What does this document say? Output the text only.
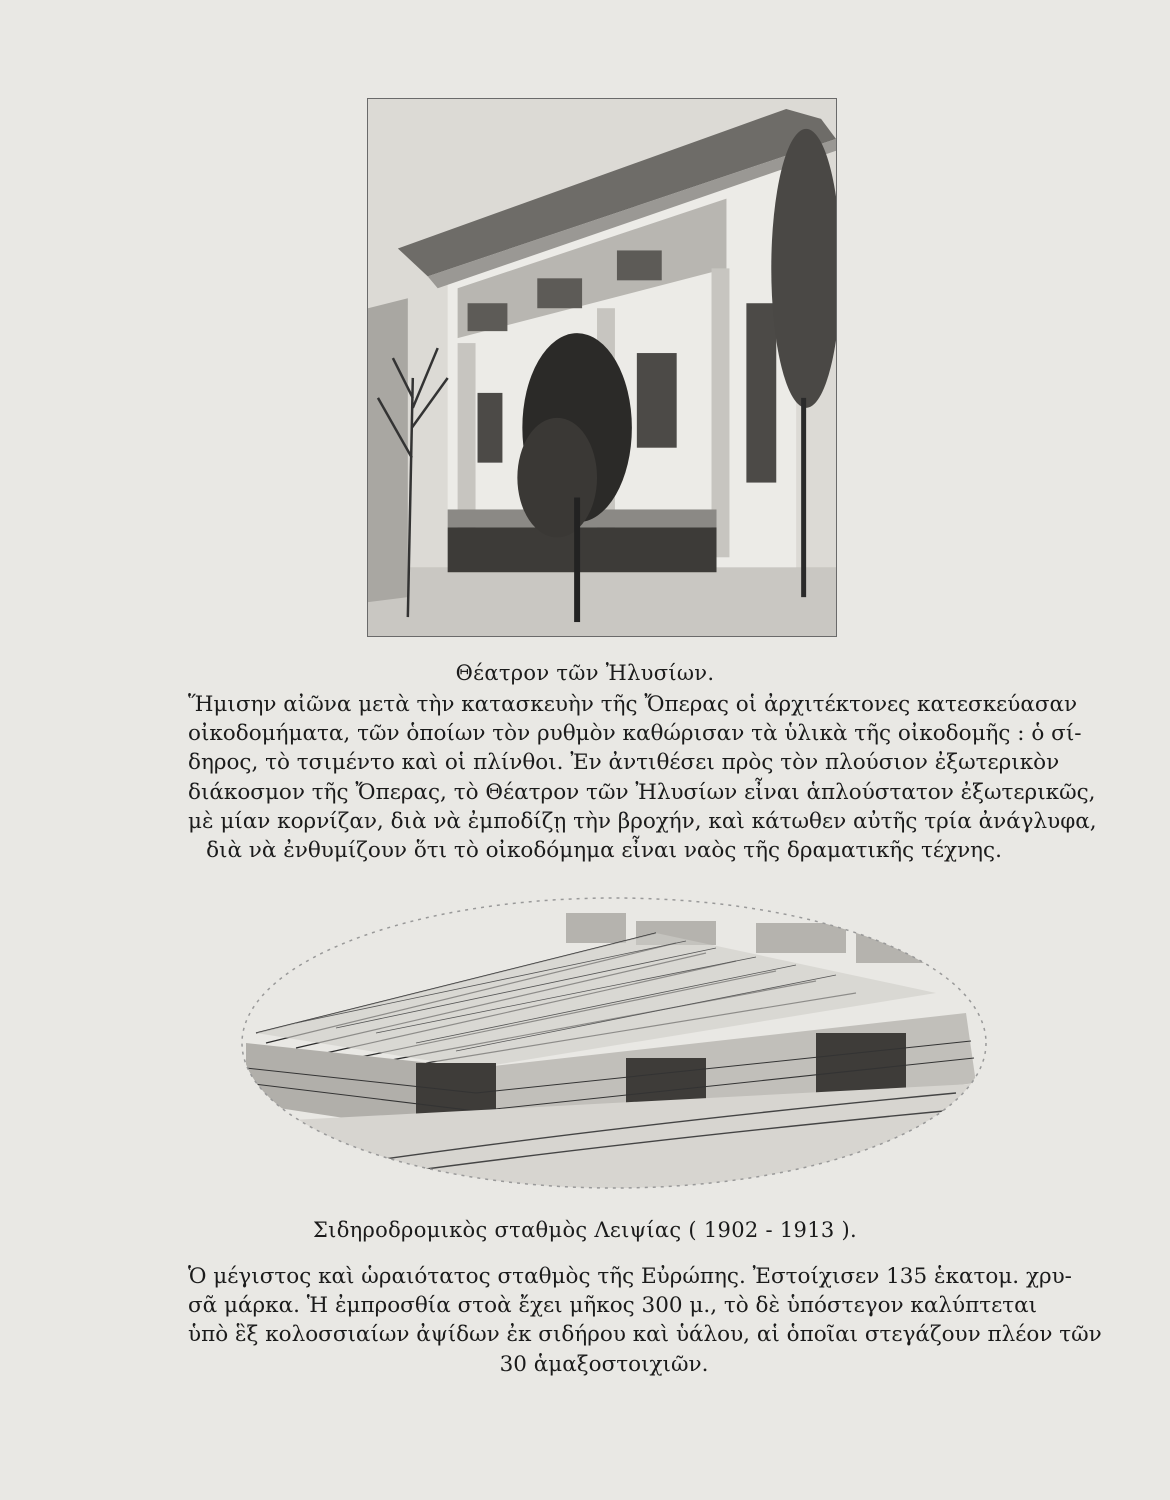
Θέατρον τῶν Ἠλυσίων.
Ἥμισην αἰῶνα μετὰ τὴν κατασκευὴν τῆς Ὄπερας οἱ ἀρχιτέκτονες κατεσκεύασαν
οἰκοδομήματα, τῶν ὁποίων τὸν ρυθμὸν καθώρισαν τὰ ὑλικὰ τῆς οἰκοδομῆς : ὁ σί-
δηρος, τὸ τσιμέντο καὶ οἱ πλίνθοι. Ἐν ἀντιθέσει πρὸς τὸν πλούσιον ἐξωτερικὸν
διάκοσμον τῆς Ὄπερας, τὸ Θέατρον τῶν Ἠλυσίων εἶναι ἁπλούστατον ἐξωτερικῶς,
μὲ μίαν κορνίζαν, διὰ νὰ ἐμποδίζῃ τὴν βροχήν, καὶ κάτωθεν αὐτῆς τρία ἀνάγλυφα,
διὰ νὰ ἐνθυμίζουν ὅτι τὸ οἰκοδόμημα εἶναι ναὸς τῆς δραματικῆς τέχνης.
Σιδηροδρομικὸς σταθμὸς Λειψίας ( 1902 - 1913 ).
Ὁ μέγιστος καὶ ὡραιότατος σταθμὸς τῆς Εὐρώπης. Ἐστοίχισεν 135 ἑκατομ. χρυ-
σᾶ μάρκα. Ἡ ἐμπροσθία στοὰ ἔχει μῆκος 300 μ., τὸ δὲ ὑπόστεγον καλύπτεται
ὑπὸ ἓξ κολοσσιαίων ἀψίδων ἐκ σιδήρου καὶ ὑάλου, αἱ ὁποῖαι στεγάζουν πλέον τῶν
30 ἁμαξοστοιχιῶν.
